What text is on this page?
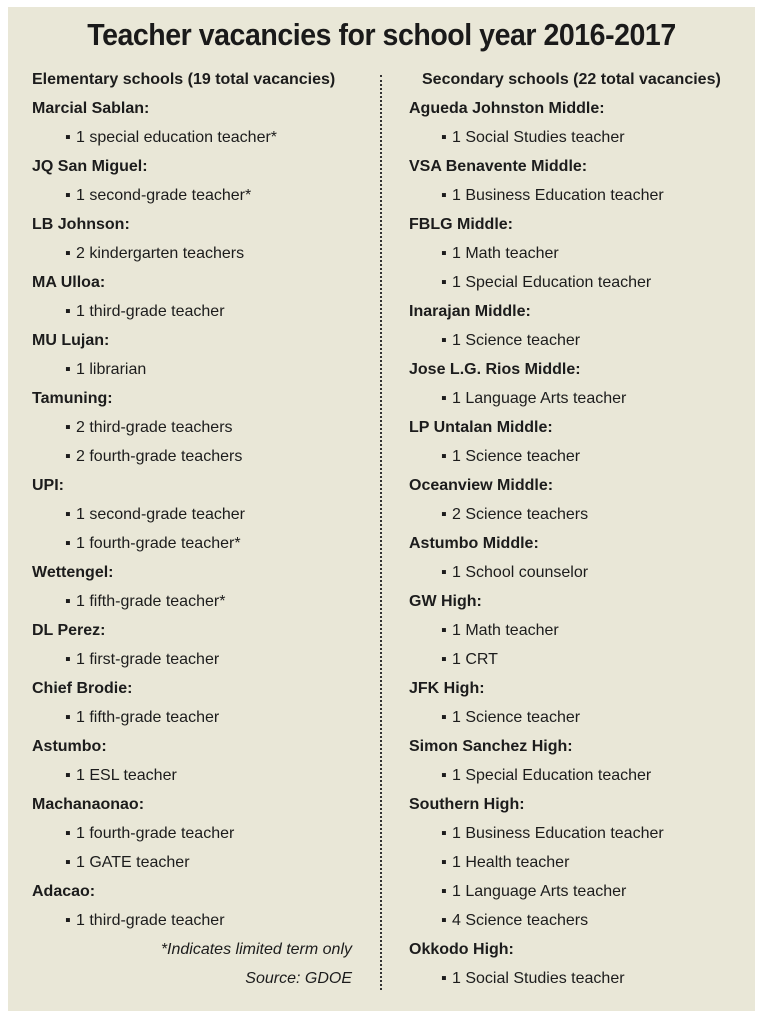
Teacher vacancies for school year 2016-2017
Elementary schools (19 total vacancies)
Marcial Sablan:
▪ 1 special education teacher*
JQ San Miguel:
▪ 1 second-grade teacher*
LB Johnson:
▪ 2 kindergarten teachers
MA Ulloa:
▪ 1 third-grade teacher
MU Lujan:
▪ 1 librarian
Tamuning:
▪ 2 third-grade teachers
▪ 2 fourth-grade teachers
UPI:
▪ 1 second-grade teacher
▪ 1 fourth-grade teacher*
Wettengel:
▪ 1 fifth-grade teacher*
DL Perez:
▪ 1 first-grade teacher
Chief Brodie:
▪ 1 fifth-grade teacher
Astumbo:
▪ 1 ESL teacher
Machanaonao:
▪ 1 fourth-grade teacher
▪ 1 GATE teacher
Adacao:
▪ 1 third-grade teacher
*Indicates limited term only
Source: GDOE
Secondary schools (22 total vacancies)
Agueda Johnston Middle:
▪ 1 Social Studies teacher
VSA Benavente Middle:
▪ 1 Business Education teacher
FBLG Middle:
▪ 1 Math teacher
▪ 1 Special Education teacher
Inarajan Middle:
▪ 1 Science teacher
Jose L.G. Rios Middle:
▪ 1 Language Arts teacher
LP Untalan Middle:
▪ 1 Science teacher
Oceanview Middle:
▪ 2 Science teachers
Astumbo Middle:
▪ 1 School counselor
GW High:
▪ 1 Math teacher
▪ 1 CRT
JFK High:
▪ 1 Science teacher
Simon Sanchez High:
▪ 1 Special Education teacher
Southern High:
▪ 1 Business Education teacher
▪ 1 Health teacher
▪ 1 Language Arts teacher
▪ 4 Science teachers
Okkodo High:
▪ 1 Social Studies teacher
